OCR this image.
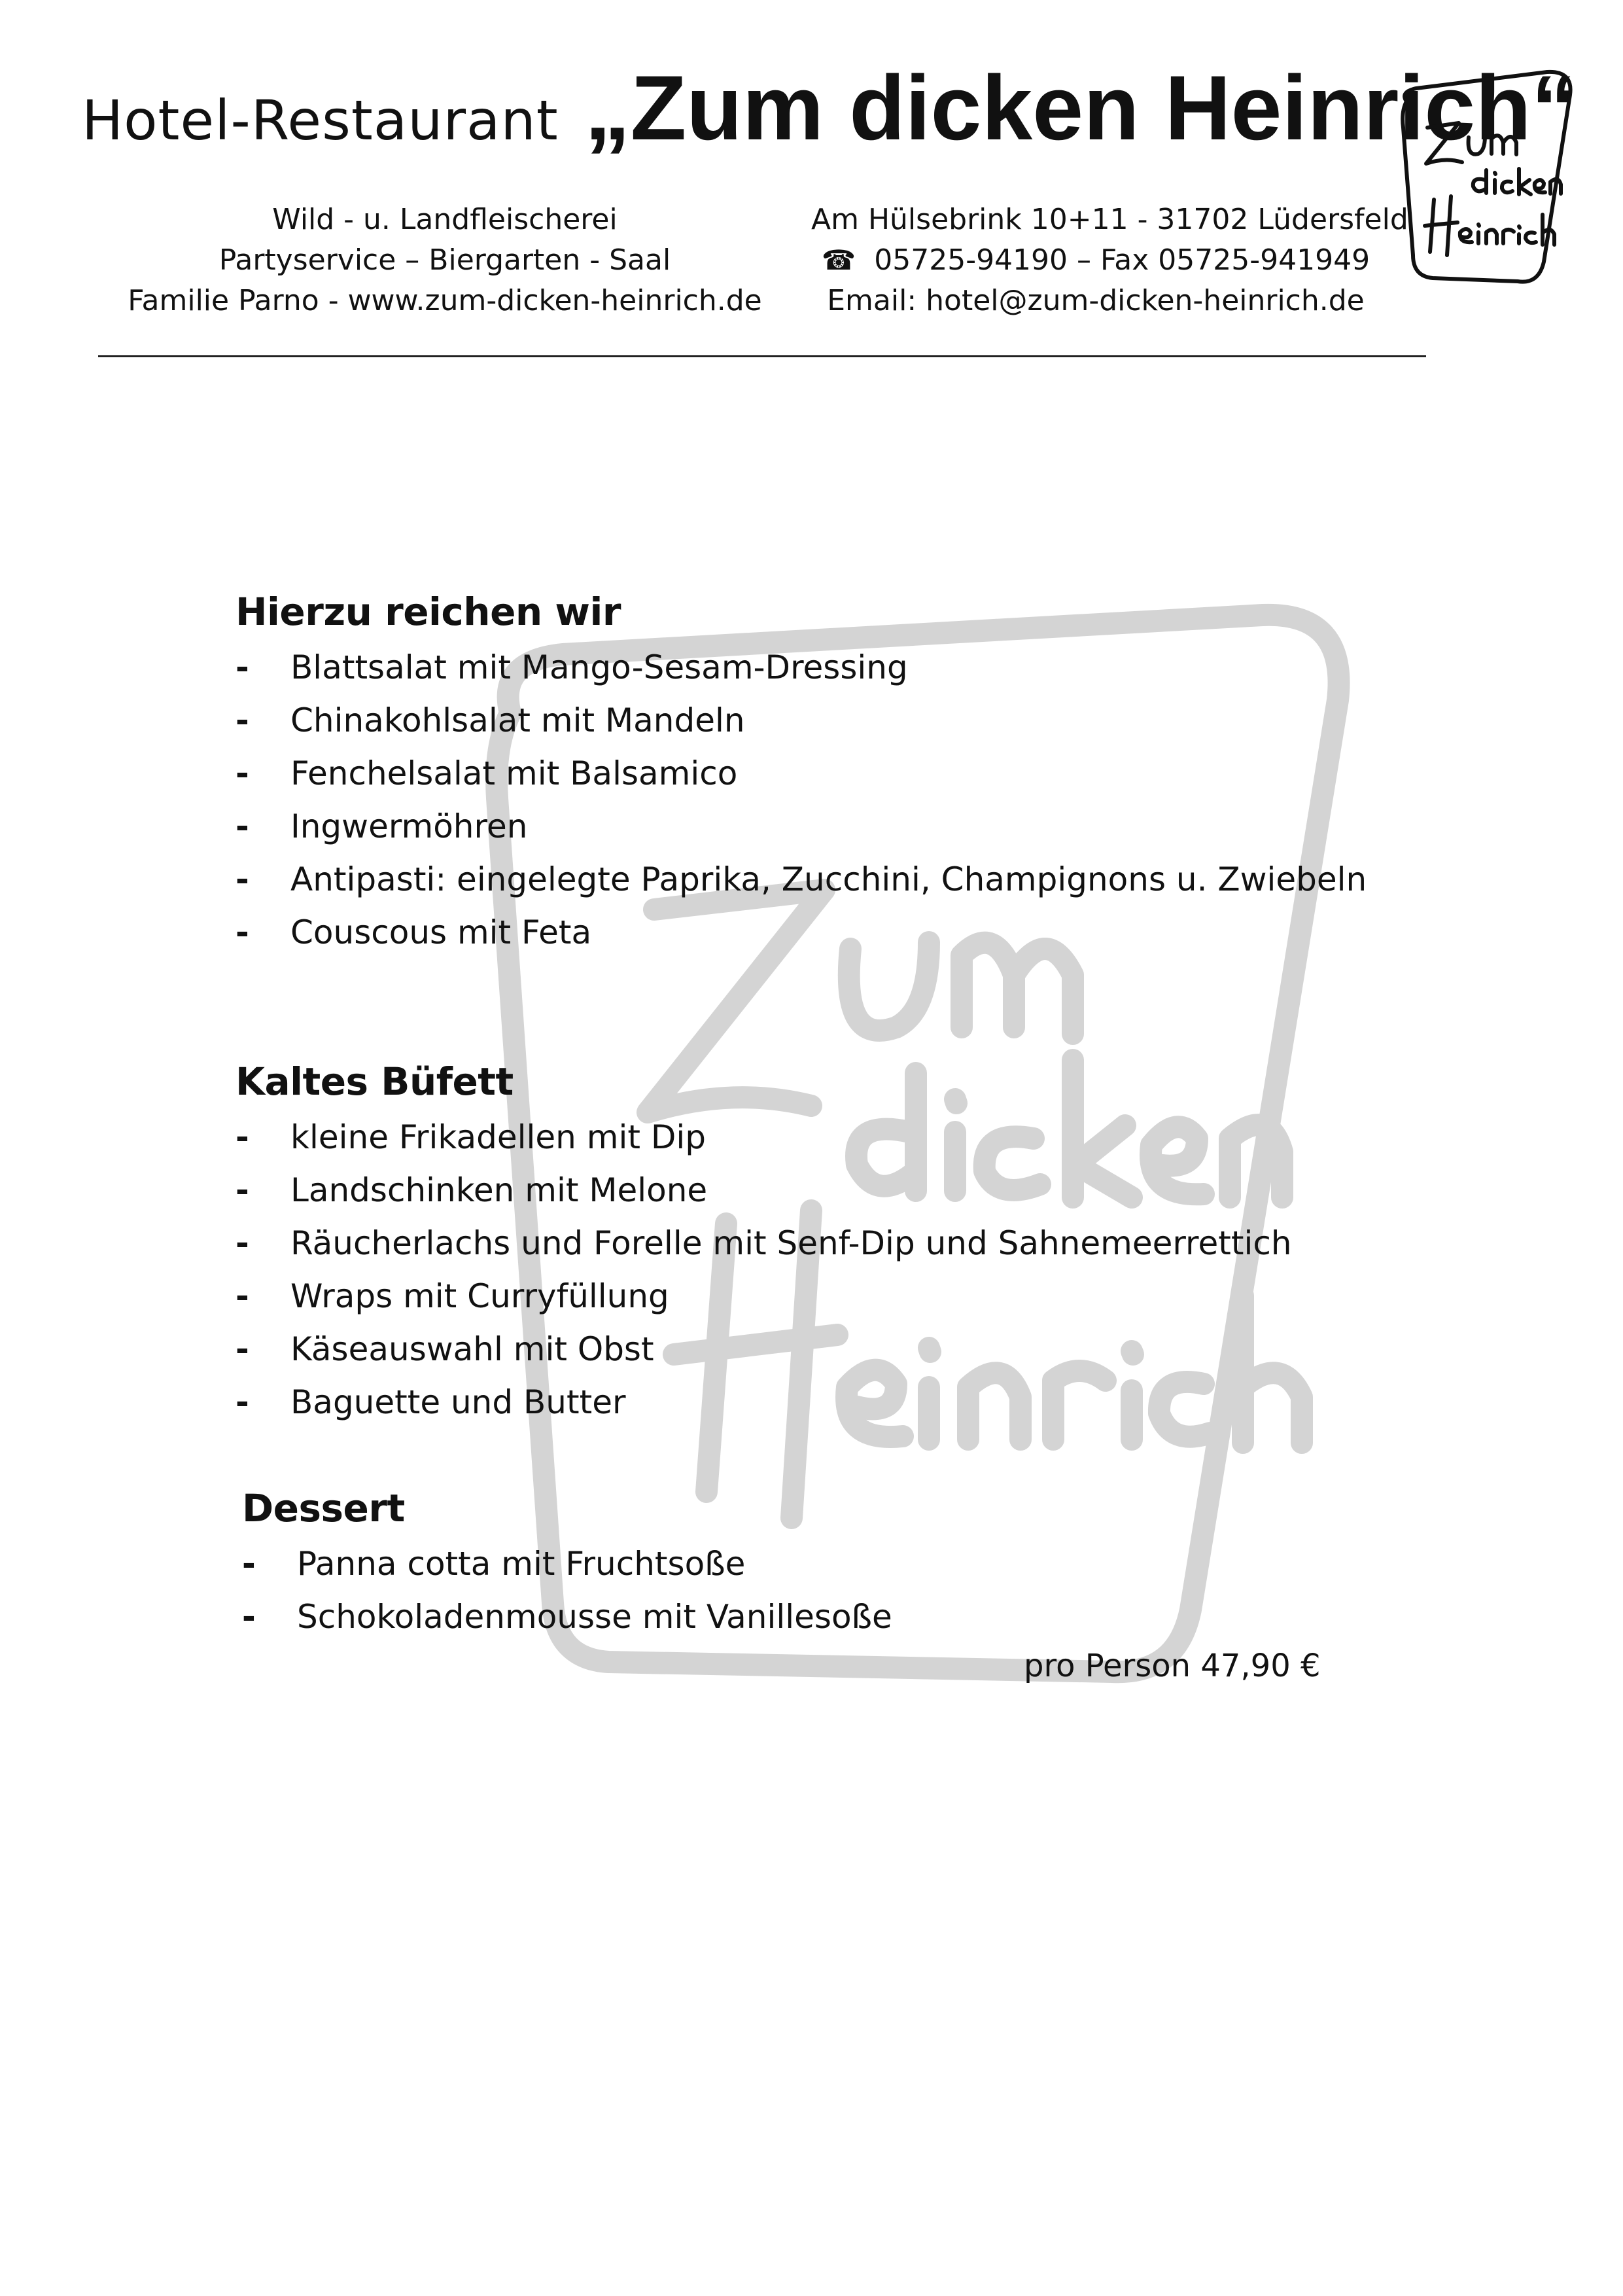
Hotel-Restaurant „Zum dicken Heinrich“
Wild - u. Landfleischerei
Partyservice – Biergarten - Saal
Familie Parno - www.zum-dicken-heinrich.de
Am Hülsebrink 10+11 - 31702 Lüdersfeld
☎ 05725-94190 – Fax 05725-941949
Email: hotel@zum-dicken-heinrich.de
Hierzu reichen wir
-	Blattsalat mit Mango-Sesam-Dressing
-	Chinakohlsalat mit Mandeln
-	Fenchelsalat mit Balsamico
-	Ingwermöhren
-	Antipasti: eingelegte Paprika, Zucchini, Champignons u. Zwiebeln
-	Couscous mit Feta
Kaltes Büfett
-	kleine Frikadellen mit Dip
-	Landschinken mit Melone
-	Räucherlachs und Forelle mit Senf-Dip und Sahnemeerrettich
-	Wraps mit Curryfüllung
-	Käseauswahl mit Obst
-	Baguette und Butter
Dessert
-	Panna cotta mit Fruchtsoße
-	Schokoladenmousse mit Vanillesoße
pro Person 47,90 €
